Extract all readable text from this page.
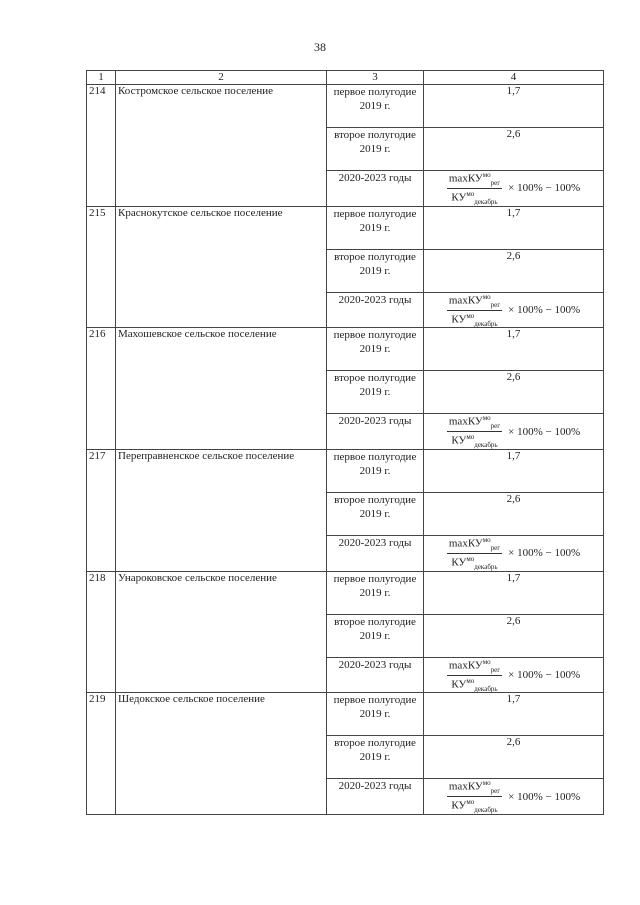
38
1	2	3	4
214	Костромское сельское поселение	первое полугодие 2019 г.	1,7
		второе полугодие 2019 г.	2,6
		2020-2023 годы	$\frac{\max КУ^{мо}_{рег}}{КУ^{мо}_{декабрь}} \times 100\% - 100\%$

215	Краснокутское сельское поселение	первое полугодие 2019 г.	1,7
		второе полугодие 2019 г.	2,6
		2020-2023 годы	$\frac{\max КУ^{мо}_{рег}}{КУ^{мо}_{декабрь}} \times 100\% - 100\%$

216	Махошевское сельское поселение	первое полугодие 2019 г.	1,7
		второе полугодие 2019 г.	2,6
		2020-2023 годы	$\frac{\max КУ^{мо}_{рег}}{КУ^{мо}_{декабрь}} \times 100\% - 100\%$

217	Переправненское сельское поселение	первое полугодие 2019 г.	1,7
		второе полугодие 2019 г.	2,6
		2020-2023 годы	$\frac{\max КУ^{мо}_{рег}}{КУ^{мо}_{декабрь}} \times 100\% - 100\%$

218	Унароковское сельское поселение	первое полугодие 2019 г.	1,7
		второе полугодие 2019 г.	2,6
		2020-2023 годы	$\frac{\max КУ^{мо}_{рег}}{КУ^{мо}_{декабрь}} \times 100\% - 100\%$

219	Шедокское сельское поселение	первое полугодие 2019 г.	1,7
		второе полугодие 2019 г.	2,6
		2020-2023 годы	$\frac{\max КУ^{мо}_{рег}}{КУ^{мо}_{декабрь}} \times 100\% - 100\%$
